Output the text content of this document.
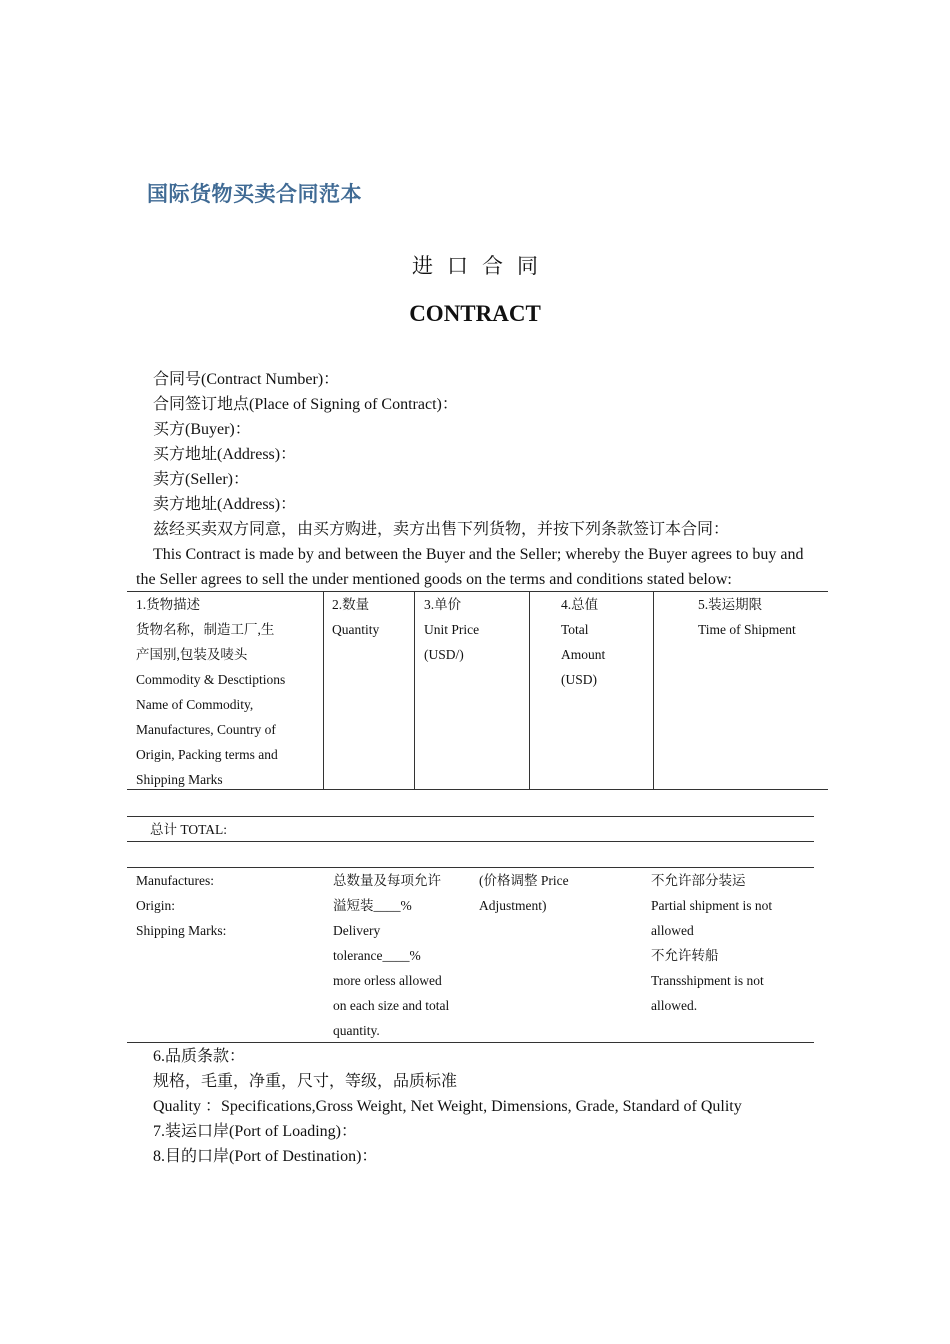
国际货物买卖合同范本
进口合同
CONTRACT
合同号(Contract Number)：
合同签订地点(Place of Signing of Contract)：
买方(Buyer)：
买方地址(Address)：
卖方(Seller)：
卖方地址(Address)：
兹经买卖双方同意，由买方购进，卖方出售下列货物，并按下列条款签订本合同：
This Contract is made by and between the Buyer and the Seller; whereby the Buyer agrees to buy and the Seller agrees to sell the under mentioned goods on the terms and conditions stated below:
1.货物描述
货物名称，制造工厂,生
产国别,包装及唛头
Commodity & Desctiptions
Name of Commodity,
Manufactures, Country of
Origin, Packing terms and
Shipping Marks
2.数量
Quantity
3.单价
Unit Price
(USD/)
4.总值
Total
Amount
(USD)
5.装运期限
Time of Shipment
总计 TOTAL:
Manufactures:
Origin:
Shipping Marks:
总数量及每项允许
溢短装____%
Delivery
tolerance____%
more orless allowed
on each size and total
quantity.
(价格调整 Price
Adjustment)
不允许部分装运
Partial shipment is not
allowed
不允许转船
Transshipment is not
allowed.
6.品质条款：
规格，毛重，净重，尺寸，等级，品质标准
Quality ：Specifications,Gross Weight, Net Weight, Dimensions, Grade, Standard of Qulity
7.装运口岸(Port of Loading)：
8.目的口岸(Port of Destination)：
